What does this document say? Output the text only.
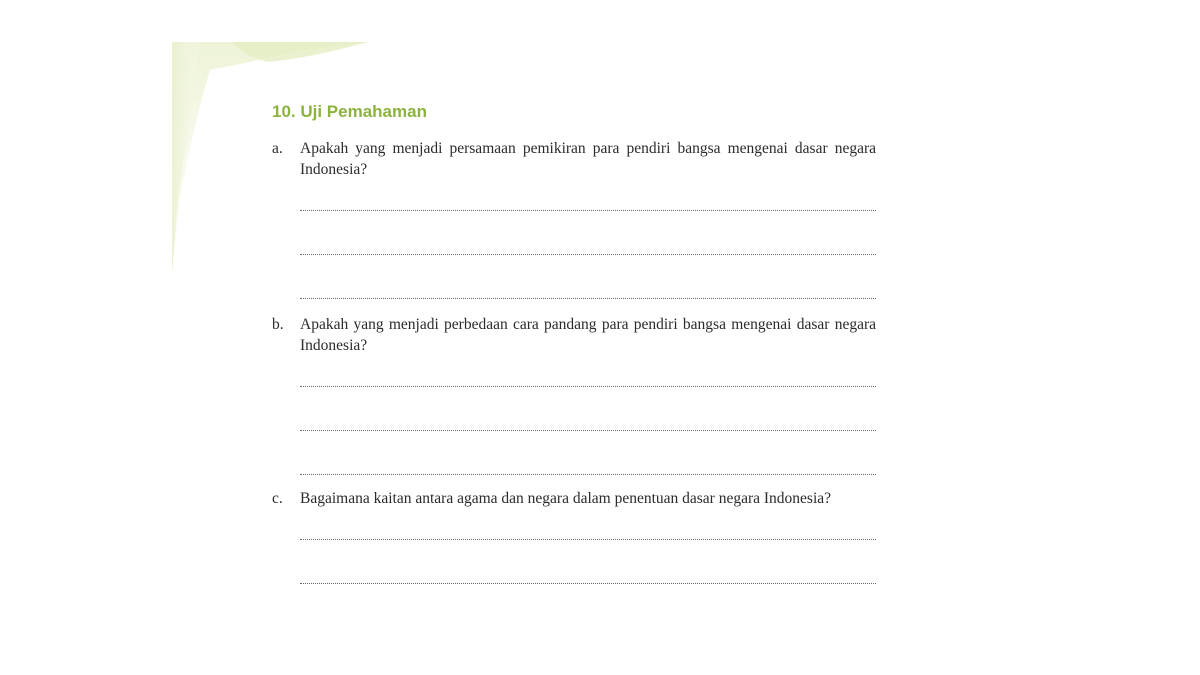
10. Uji Pemahaman
a.	Apakah yang menjadi persamaan pemikiran para pendiri bangsa mengenai dasar negara Indonesia?
b.	Apakah yang menjadi perbedaan cara pandang para pendiri bangsa mengenai dasar negara Indonesia?
c.	Bagaimana kaitan antara agama dan negara dalam penentuan dasar negara Indonesia?
